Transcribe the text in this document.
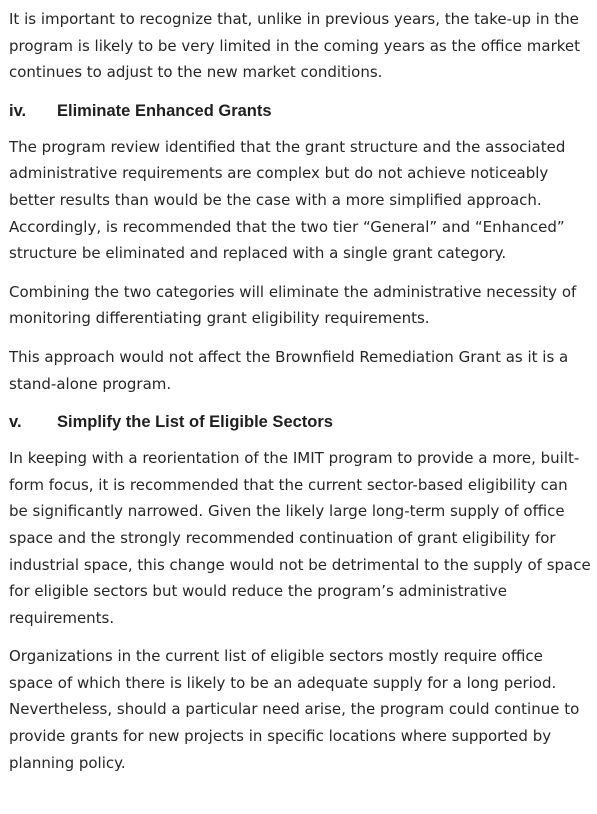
It is important to recognize that, unlike in previous years, the take-up in the program is likely to be very limited in the coming years as the office market continues to adjust to the new market conditions.

iv.	Eliminate Enhanced Grants

The program review identified that the grant structure and the associated administrative requirements are complex but do not achieve noticeably better results than would be the case with a more simplified approach. Accordingly, is recommended that the two tier “General” and “Enhanced” structure be eliminated and replaced with a single grant category.

Combining the two categories will eliminate the administrative necessity of monitoring differentiating grant eligibility requirements.

This approach would not affect the Brownfield Remediation Grant as it is a stand-alone program.

v.	Simplify the List of Eligible Sectors

In keeping with a reorientation of the IMIT program to provide a more, built-form focus, it is recommended that the current sector-based eligibility can be significantly narrowed. Given the likely large long-term supply of office space and the strongly recommended continuation of grant eligibility for industrial space, this change would not be detrimental to the supply of space for eligible sectors but would reduce the program’s administrative requirements.

Organizations in the current list of eligible sectors mostly require office space of which there is likely to be an adequate supply for a long period. Nevertheless, should a particular need arise, the program could continue to provide grants for new projects in specific locations where supported by planning policy.
